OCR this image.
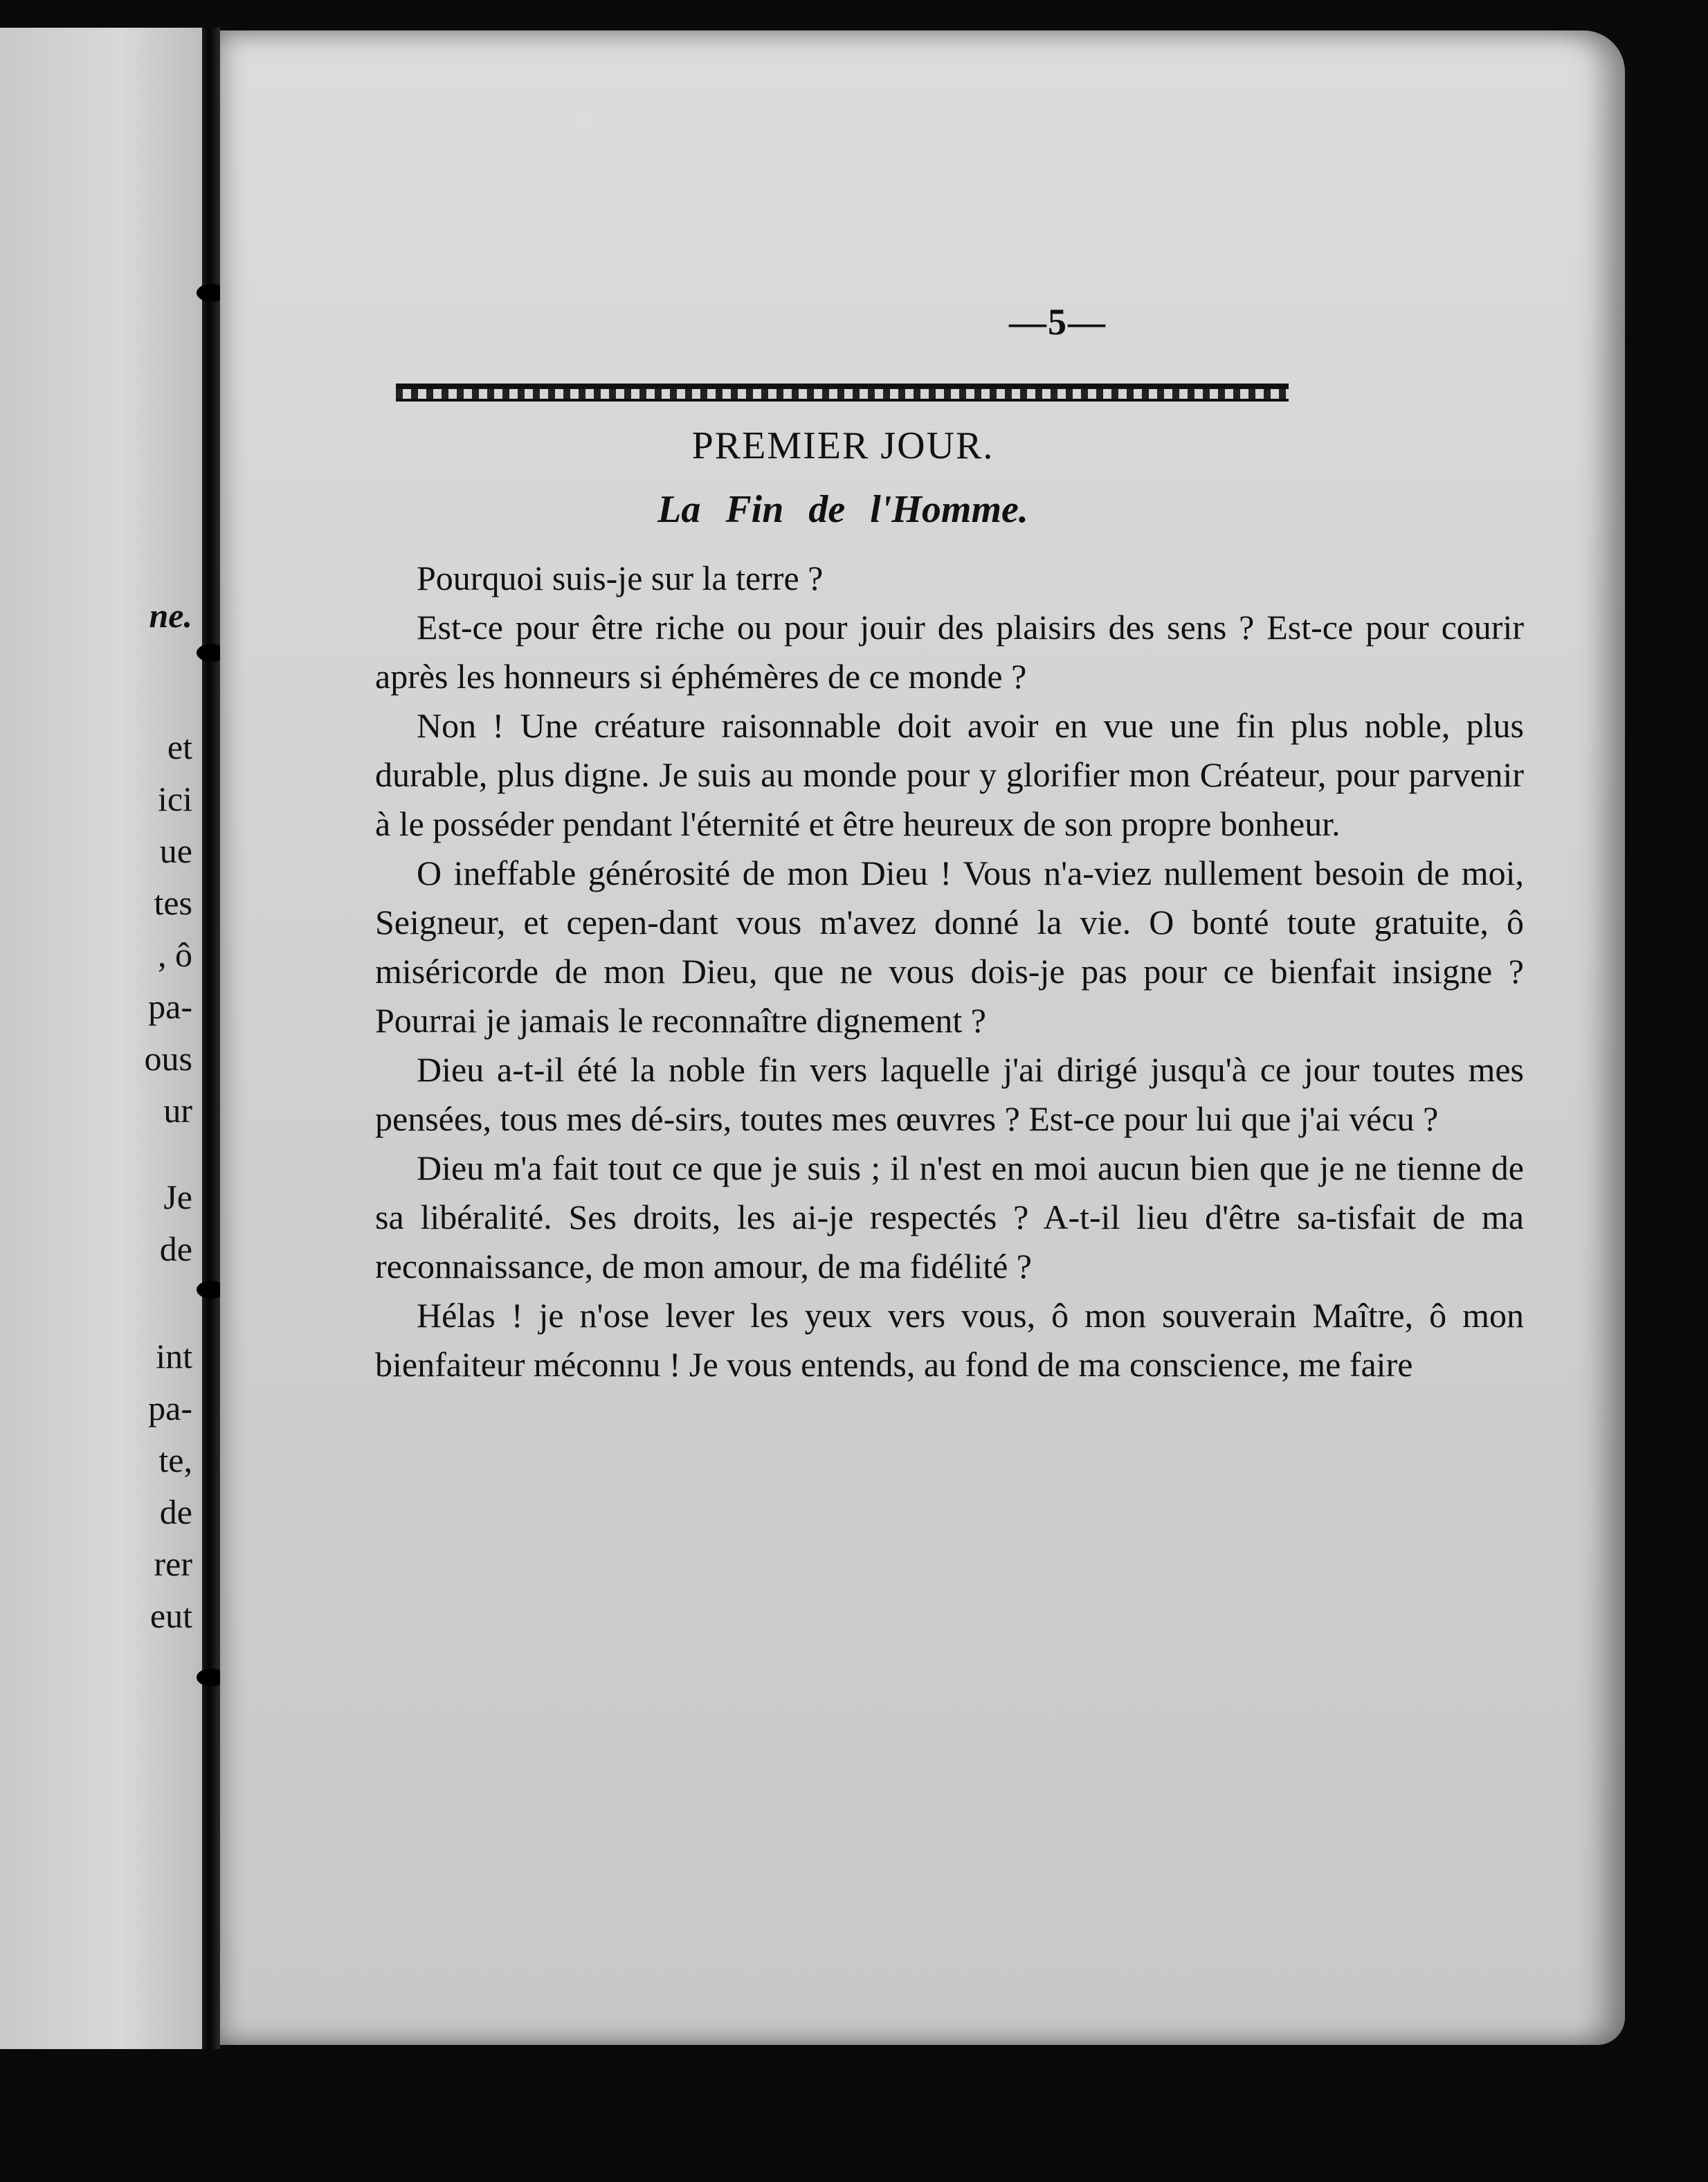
ne.
et
ici
ue
tes
, ô
pa-
ous
ur
Je
de
int
pa-
te,
de
rer
eut
—5—
PREMIER JOUR.
La Fin de l'Homme.

Pourquoi suis-je sur la terre ?

Est-ce pour être riche ou pour jouir des plaisirs des sens ? Est-ce pour courir après les honneurs si éphémères de ce monde ?

Non ! Une créature raisonnable doit avoir en vue une fin plus noble, plus durable, plus digne. Je suis au monde pour y glorifier mon Créateur, pour parvenir à le posséder pendant l'éternité et être heureux de son propre bonheur.

O ineffable générosité de mon Dieu ! Vous n'a-viez nullement besoin de moi, Seigneur, et cepen-dant vous m'avez donné la vie. O bonté toute gratuite, ô miséricorde de mon Dieu, que ne vous dois-je pas pour ce bienfait insigne ? Pourrai je jamais le reconnaître dignement ?

Dieu a-t-il été la noble fin vers laquelle j'ai dirigé jusqu'à ce jour toutes mes pensées, tous mes dé-sirs, toutes mes œuvres ? Est-ce pour lui que j'ai vécu ?

Dieu m'a fait tout ce que je suis ; il n'est en moi aucun bien que je ne tienne de sa libéralité. Ses droits, les ai-je respectés ? A-t-il lieu d'être sa-tisfait de ma reconnaissance, de mon amour, de ma fidélité ?

Hélas ! je n'ose lever les yeux vers vous, ô mon souverain Maître, ô mon bienfaiteur méconnu ! Je vous entends, au fond de ma conscience, me faire
